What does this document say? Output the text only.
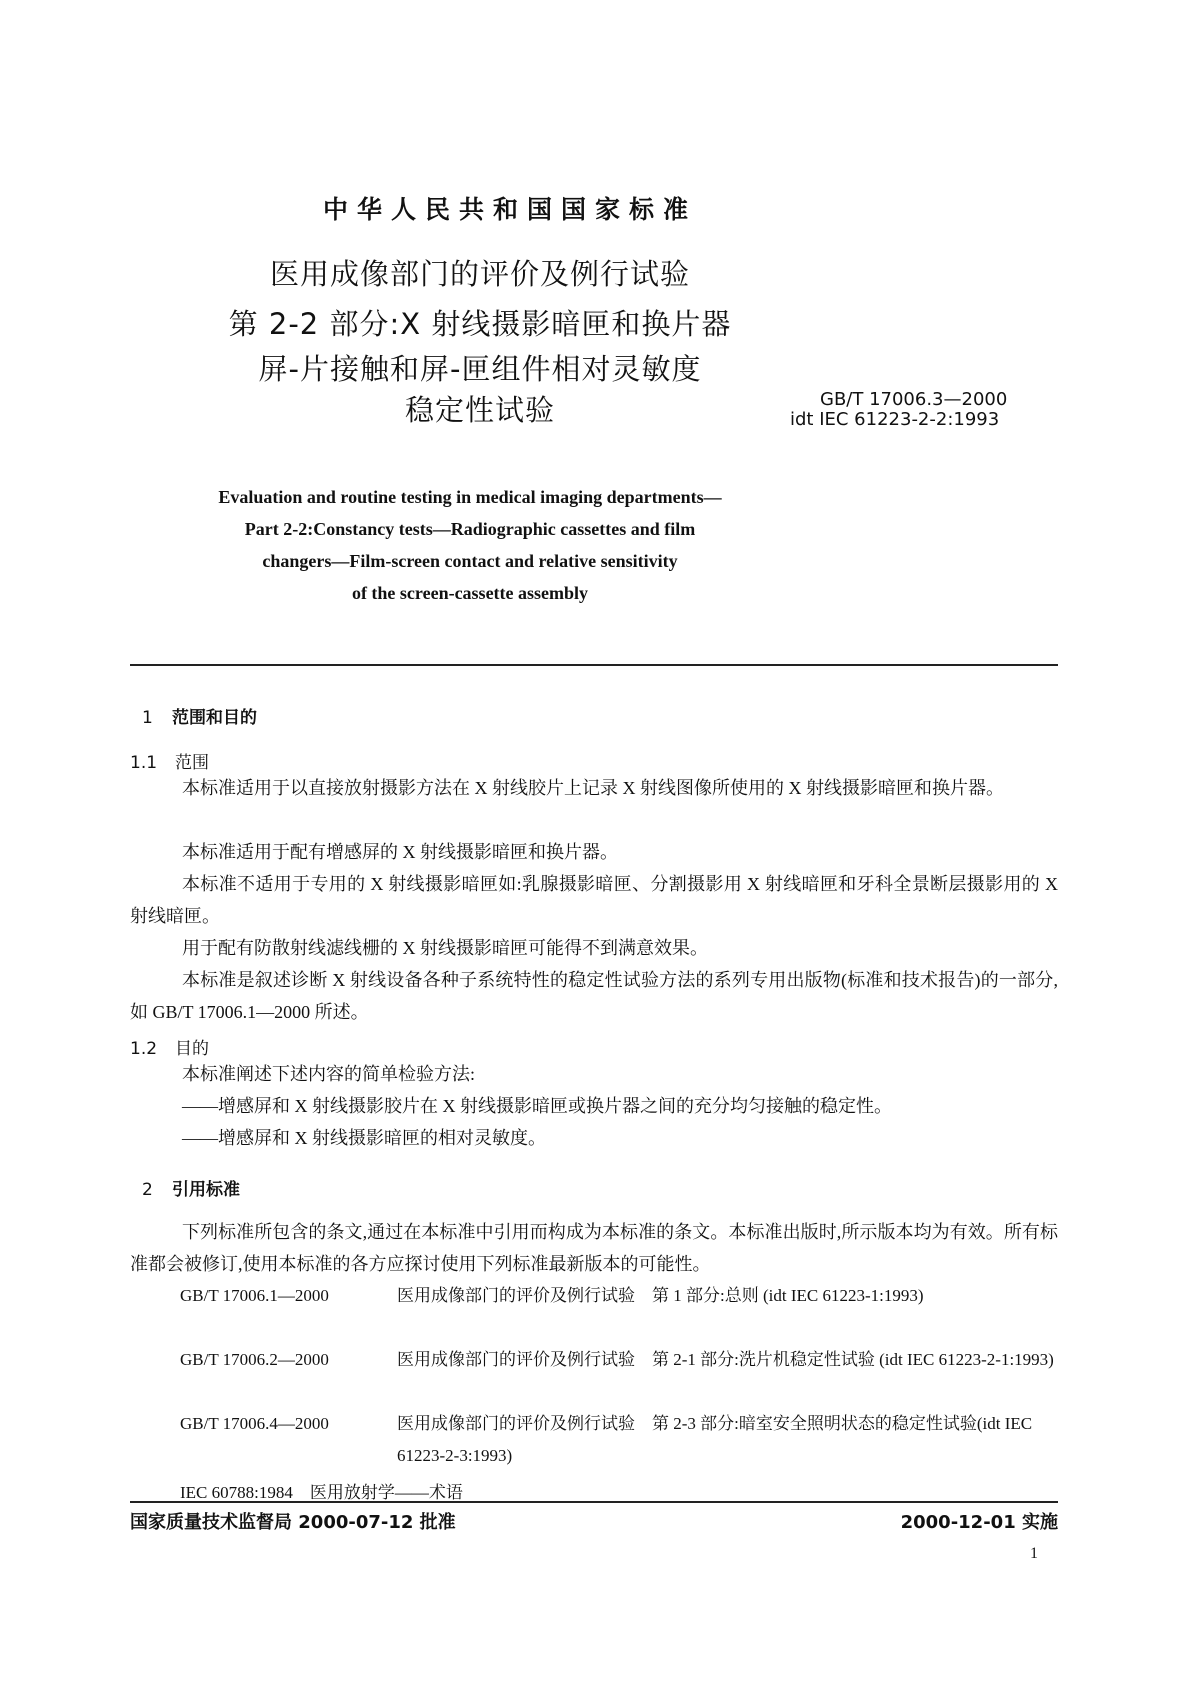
中华人民共和国国家标准
医用成像部门的评价及例行试验
第 2-2 部分:X 射线摄影暗匣和换片器
屏-片接触和屏-匣组件相对灵敏度
稳定性试验	GB/T 17006.3—2000
idt IEC 61223-2-2:1993
Evaluation and routine testing in medical imaging departments—
Part 2-2:Constancy tests—Radiographic cassettes and film
changers—Film-screen contact and relative sensitivity
of the screen-cassette assembly
1 范围和目的
1.1 范围
本标准适用于以直接放射摄影方法在 X 射线胶片上记录 X 射线图像所使用的 X 射线摄影暗匣和换片器。
本标准适用于配有增感屏的 X 射线摄影暗匣和换片器。
本标准不适用于专用的 X 射线摄影暗匣如:乳腺摄影暗匣、分割摄影用 X 射线暗匣和牙科全景断层摄影用的 X 射线暗匣。
用于配有防散射线滤线栅的 X 射线摄影暗匣可能得不到满意效果。
本标准是叙述诊断 X 射线设备各种子系统特性的稳定性试验方法的系列专用出版物(标准和技术报告)的一部分,如 GB/T 17006.1—2000 所述。
1.2 目的
本标准阐述下述内容的简单检验方法:
——增感屏和 X 射线摄影胶片在 X 射线摄影暗匣或换片器之间的充分均匀接触的稳定性。
——增感屏和 X 射线摄影暗匣的相对灵敏度。
2 引用标准
下列标准所包含的条文,通过在本标准中引用而构成为本标准的条文。本标准出版时,所示版本均为有效。所有标准都会被修订,使用本标准的各方应探讨使用下列标准最新版本的可能性。
GB/T 17006.1—2000	医用成像部门的评价及例行试验　第 1 部分:总则 (idt IEC 61223-1:1993)
GB/T 17006.2—2000	医用成像部门的评价及例行试验　第 2-1 部分:洗片机稳定性试验 (idt IEC 61223-2-1:1993)
GB/T 17006.4—2000	医用成像部门的评价及例行试验　第 2-3 部分:暗室安全照明状态的稳定性试验(idt IEC 61223-2-3:1993)
IEC 60788:1984　医用放射学——术语
国家质量技术监督局 2000-07-12 批准	2000-12-01 实施
1
